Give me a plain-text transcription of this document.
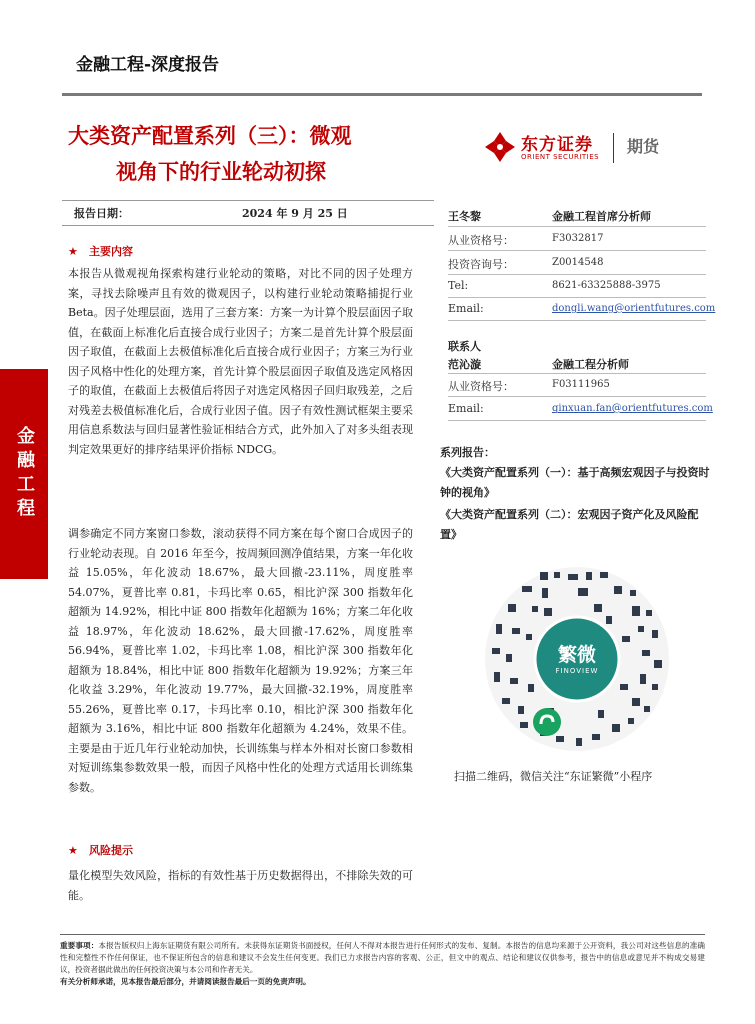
金融工程-深度报告
大类资产配置系列（三）：微观
视角下的行业轮动初探
东方证券
ORIENT SECURITIES
期货
报告日期：	2024 年 9 月 25 日
金融工程
★ 主要内容

本报告从微观视角探索构建行业轮动的策略，对比不同的因子处理方案，寻找去除噪声且有效的微观因子，以构建行业轮动策略捕捉行业 Beta。因子处理层面，选用了三套方案：方案一为计算个股层面因子取值，在截面上标准化后直接合成行业因子；方案二是首先计算个股层面因子取值，在截面上去极值标准化后直接合成行业因子；方案三为行业因子风格中性化的处理方案，首先计算个股层面因子取值及选定风格因子的取值，在截面上去极值后将因子对选定风格因子回归取残差，之后对残差去极值标准化后，合成行业因子值。因子有效性测试框架主要采用信息系数法与回归显著性验证相结合方式，此外加入了对多头组表现判定效果更好的排序结果评价指标 NDCG。

调参确定不同方案窗口参数，滚动获得不同方案在每个窗口合成因子的行业轮动表现。自 2016 年至今，按周频回测净值结果，方案一年化收益 15.05%，年化波动 18.67%，最大回撤-23.11%，周度胜率 54.07%，夏普比率 0.81，卡玛比率 0.65，相比沪深 300 指数年化超额为 14.92%，相比中证 800 指数年化超额为 16%；方案二年化收益 18.97%，年化波动 18.62%，最大回撤-17.62%，周度胜率 56.94%，夏普比率 1.02，卡玛比率 1.08，相比沪深 300 指数年化超额为 18.84%，相比中证 800 指数年化超额为 19.92%；方案三年化收益 3.29%，年化波动 19.77%，最大回撤-32.19%，周度胜率 55.26%，夏普比率 0.17，卡玛比率 0.10，相比沪深 300 指数年化超额为 3.16%，相比中证 800 指数年化超额为 4.24%，效果不佳。主要是由于近几年行业轮动加快，长训练集与样本外相对长窗口参数相对短训练集参数效果一般，而因子风格中性化的处理方式适用长训练集参数。

★ 风险提示

量化模型失效风险，指标的有效性基于历史数据得出，不排除失效的可能。

王冬黎	金融工程首席分析师
从业资格号：	F3032817
投资咨询号：	Z0014548
Tel:	8621-63325888-3975
Email:	dongli.wang@orientfutures.com
联系人
范沁漩	金融工程分析师
从业资格号：	F03111965
Email:	qinxuan.fan@orientfutures.com
系列报告：
《大类资产配置系列（一）：基于高频宏观因子与投资时钟的视角》
《大类资产配置系列（二）：宏观因子资产化及风险配置》
繁微
FINOVIEW
扫描二维码，微信关注“东证繁微”小程序

重要事项：本报告版权归上海东证期货有限公司所有。未获得东证期货书面授权，任何人不得对本报告进行任何形式的发布、复制。本报告的信息均来源于公开资料，我公司对这些信息的准确性和完整性不作任何保证，也不保证所包含的信息和建议不会发生任何变更。我们已力求报告内容的客观、公正，但文中的观点、结论和建议仅供参考，报告中的信息或意见并不构成交易建议，投资者据此做出的任何投资决策与本公司和作者无关。
有关分析师承诺，见本报告最后部分，并请阅读报告最后一页的免责声明。
